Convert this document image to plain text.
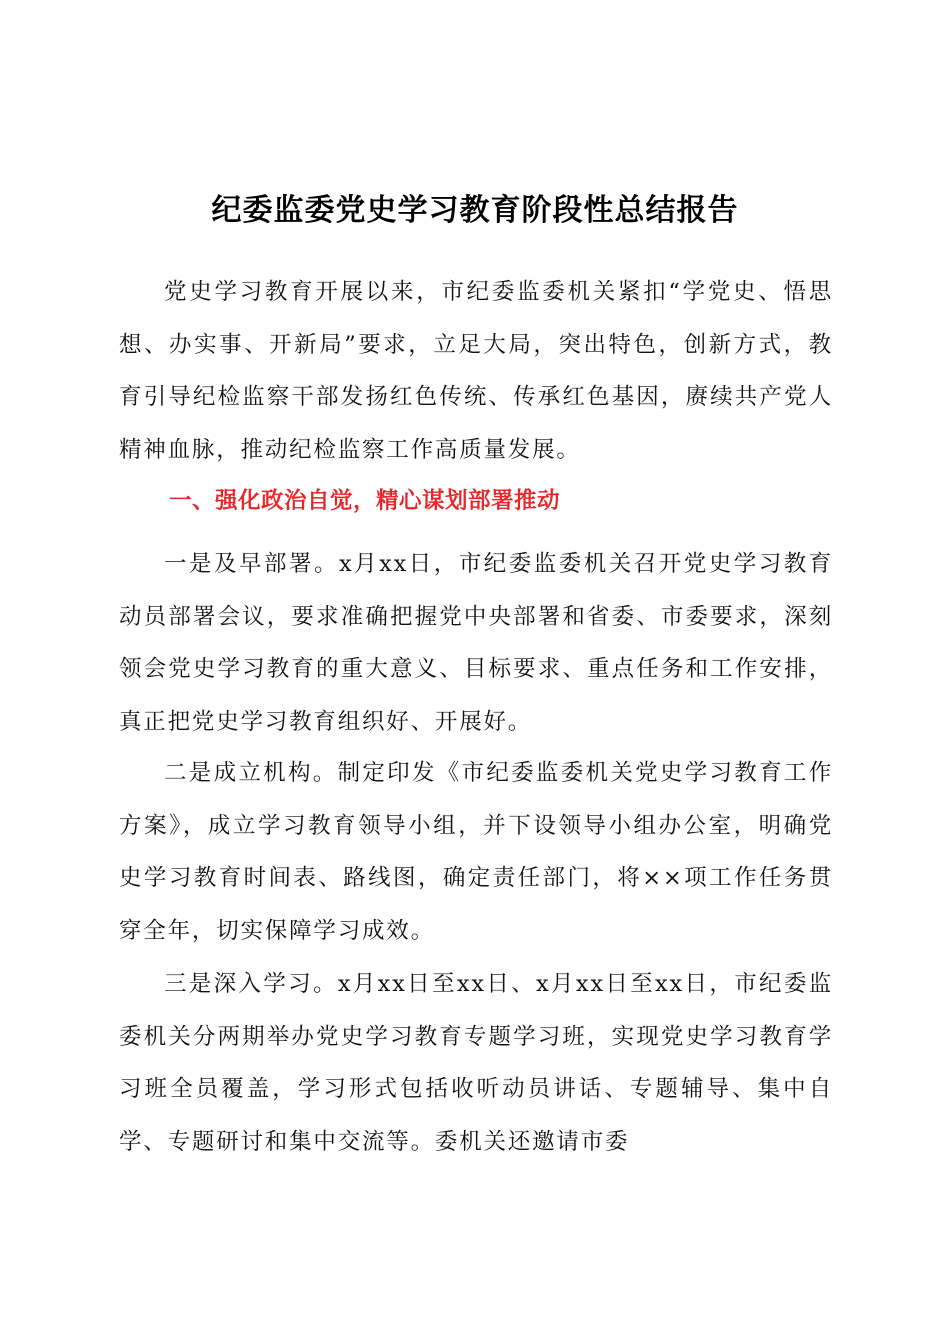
纪委监委党史学习教育阶段性总结报告

党史学习教育开展以来，市纪委监委机关紧扣“学党史、悟思想、办实事、开新局”要求，立足大局，突出特色，创新方式，教育引导纪检监察干部发扬红色传统、传承红色基因，赓续共产党人精神血脉，推动纪检监察工作高质量发展。

一、强化政治自觉，精心谋划部署推动

一是及早部署。x月xx日，市纪委监委机关召开党史学习教育动员部署会议，要求准确把握党中央部署和省委、市委要求，深刻领会党史学习教育的重大意义、目标要求、重点任务和工作安排，真正把党史学习教育组织好、开展好。

二是成立机构。制定印发《市纪委监委机关党史学习教育工作方案》，成立学习教育领导小组，并下设领导小组办公室，明确党史学习教育时间表、路线图，确定责任部门，将××项工作任务贯穿全年，切实保障学习成效。

三是深入学习。x月xx日至xx日、x月xx日至xx日，市纪委监委机关分两期举办党史学习教育专题学习班，实现党史学习教育学习班全员覆盖，学习形式包括收听动员讲话、专题辅导、集中自学、专题研讨和集中交流等。委机关还邀请市委
